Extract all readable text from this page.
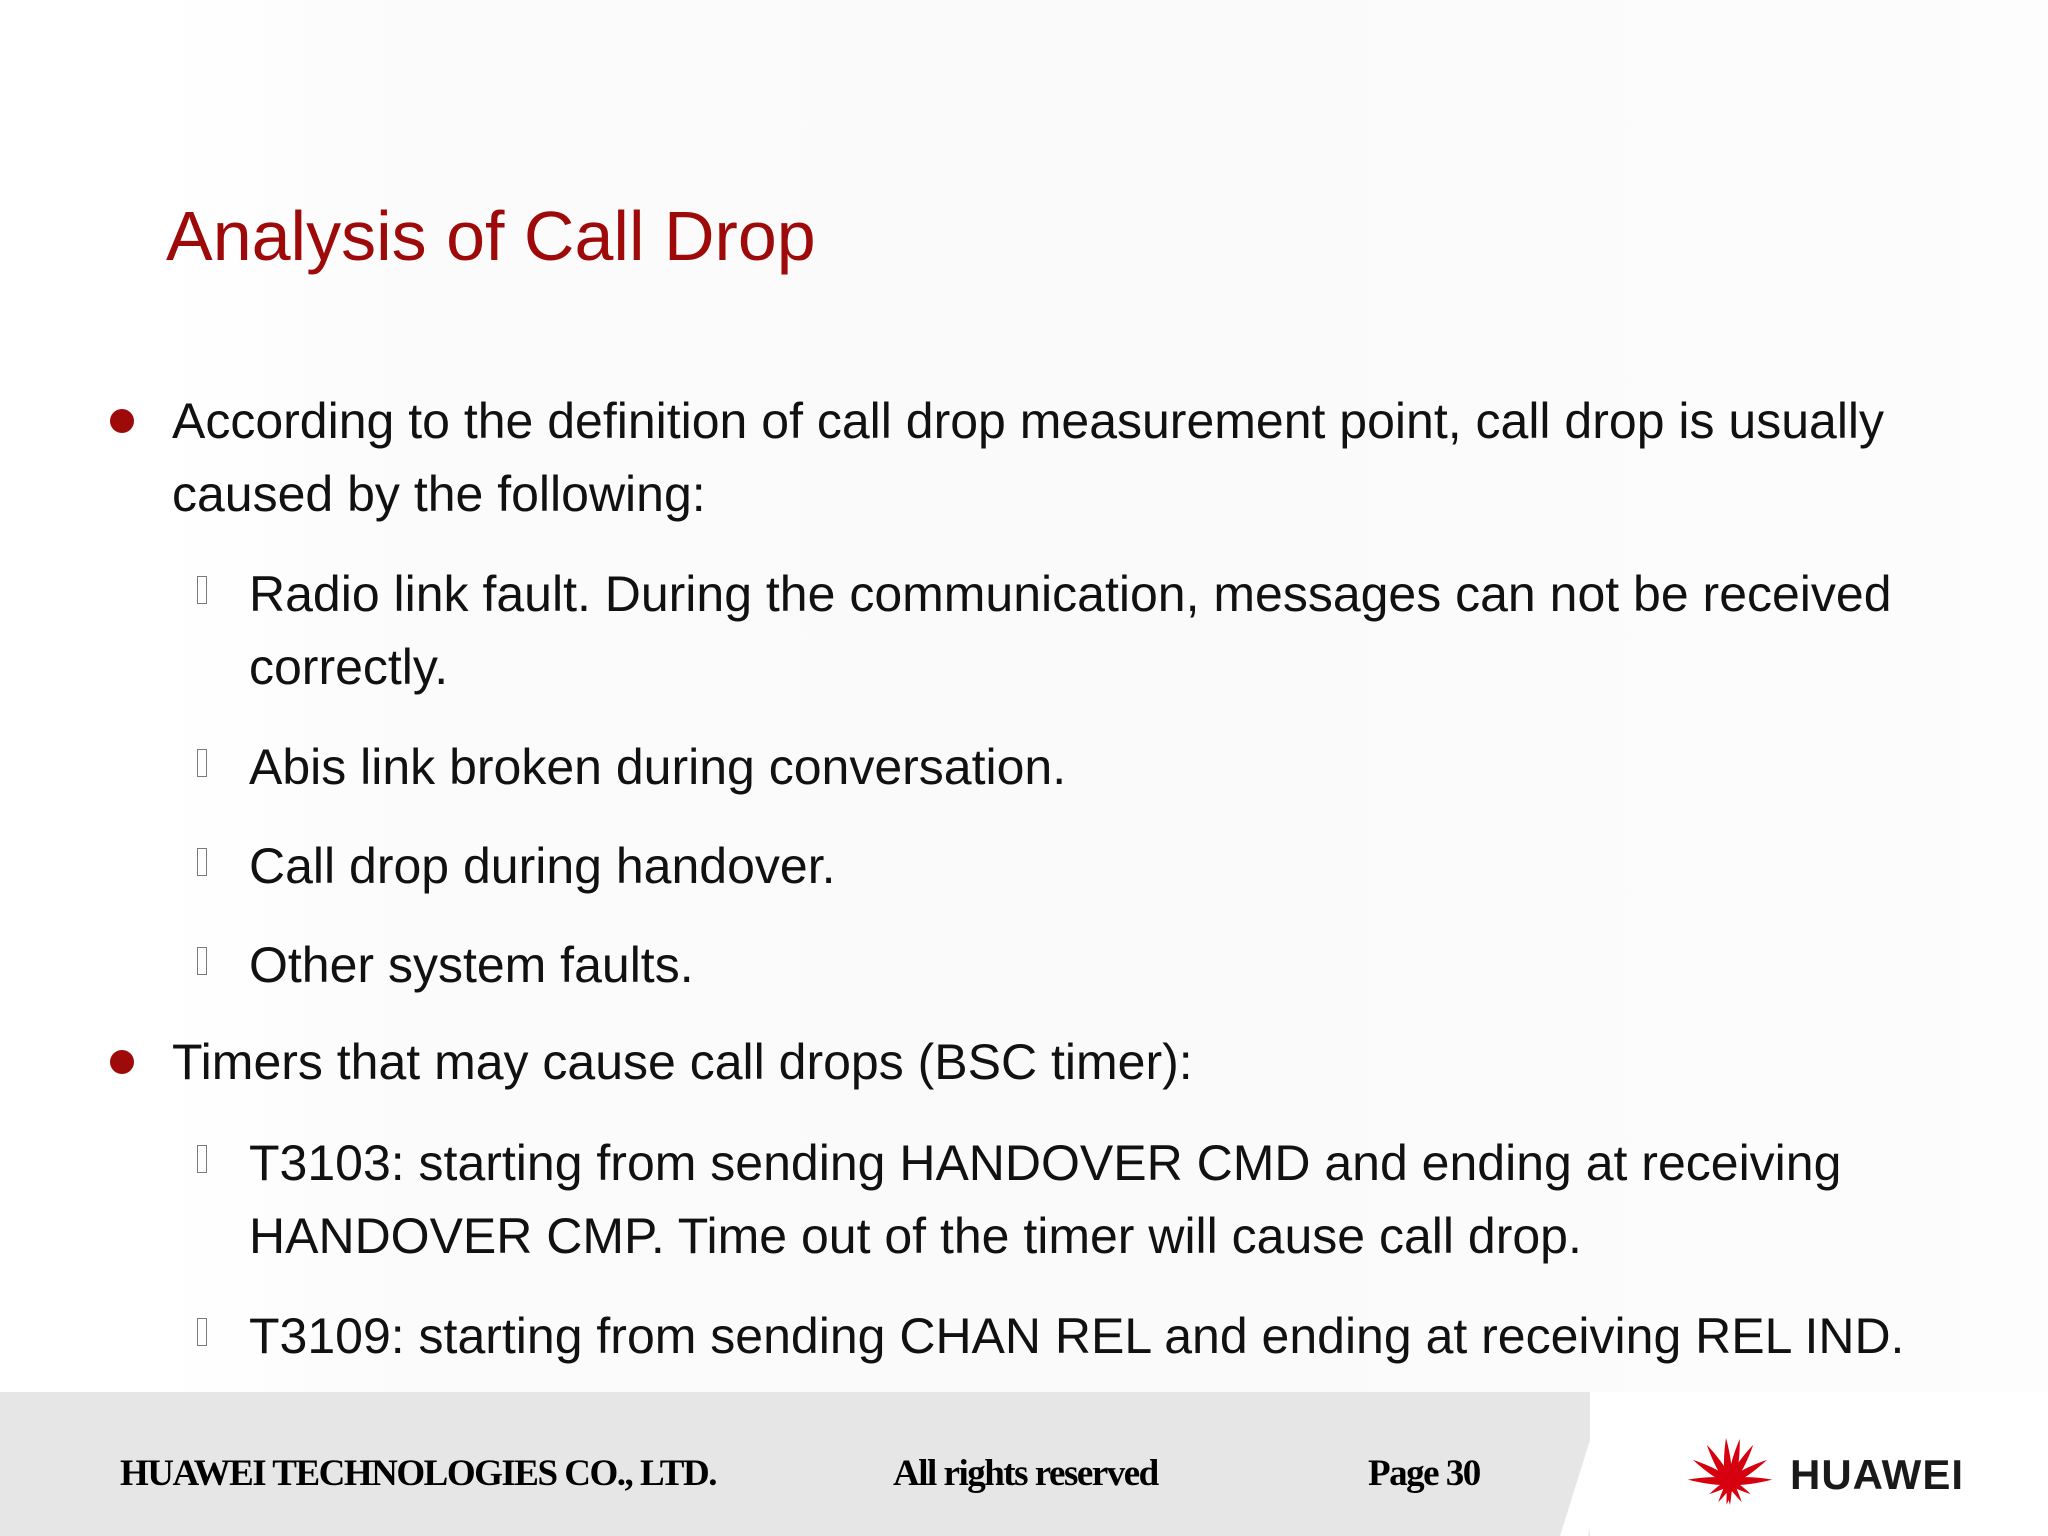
Analysis of Call Drop
According to the definition of call drop measurement point, call drop is usually caused by the following:
Radio link fault. During the communication, messages can not be received correctly.
Abis link broken during conversation.
Call drop during handover.
Other system faults.
Timers that may cause call drops (BSC timer):
T3103: starting from sending HANDOVER CMD and ending at receiving HANDOVER CMP. Time out of the timer will cause call drop.
T3109: starting from sending CHAN REL and ending at receiving REL IND.
HUAWEI TECHNOLOGIES CO., LTD.	All rights reserved	Page 30	HUAWEI
